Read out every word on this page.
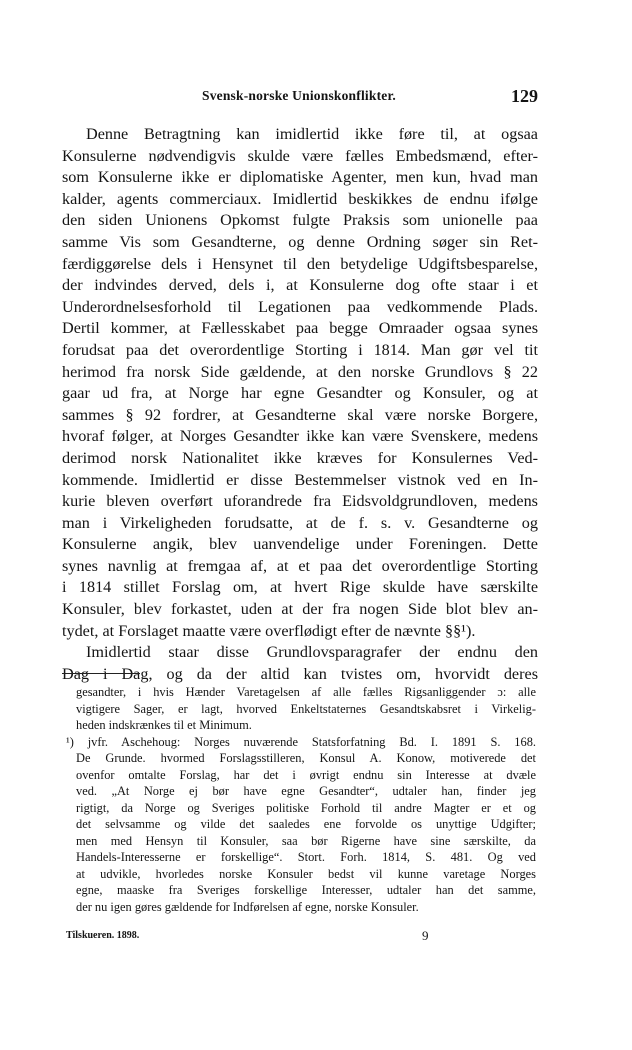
Svensk-norske Unionskonflikter.	129
Denne Betragtning kan imidlertid ikke føre til, at ogsaa
Konsulerne nødvendigvis skulde være fælles Embedsmænd, efter-
som Konsulerne ikke er diplomatiske Agenter, men kun, hvad man
kalder, agents commerciaux. Imidlertid beskikkes de endnu ifølge
den siden Unionens Opkomst fulgte Praksis som unionelle paa
samme Vis som Gesandterne, og denne Ordning søger sin Ret-
færdiggørelse dels i Hensynet til den betydelige Udgiftsbesparelse,
der indvindes derved, dels i, at Konsulerne dog ofte staar i et
Underordnelsesforhold til Legationen paa vedkommende Plads.
Dertil kommer, at Fællesskabet paa begge Omraader ogsaa synes
forudsat paa det overordentlige Storting i 1814. Man gør vel tit
herimod fra norsk Side gældende, at den norske Grundlovs § 22
gaar ud fra, at Norge har egne Gesandter og Konsuler, og at
sammes § 92 fordrer, at Gesandterne skal være norske Borgere,
hvoraf følger, at Norges Gesandter ikke kan være Svenskere, medens
derimod norsk Nationalitet ikke kræves for Konsulernes Ved-
kommende. Imidlertid er disse Bestemmelser vistnok ved en In-
kurie bleven overført uforandrede fra Eidsvoldgrundloven, medens
man i Virkeligheden forudsatte, at de f. s. v. Gesandterne og
Konsulerne angik, blev uanvendelige under Foreningen. Dette
synes navnlig at fremgaa af, at et paa det overordentlige Storting
i 1814 stillet Forslag om, at hvert Rige skulde have særskilte
Konsuler, blev forkastet, uden at der fra nogen Side blot blev an-
tydet, at Forslaget maatte være overflødigt efter de nævnte §§¹).
Imidlertid staar disse Grundlovsparagrafer der endnu den
Dag i Dag, og da der altid kan tvistes om, hvorvidt deres
gesandter, i hvis Hænder Varetagelsen af alle fælles Rigsanliggender ɔ: alle
vigtigere Sager, er lagt, hvorved Enkeltstaternes Gesandtskabsret i Virkelig-
heden indskrænkes til et Minimum.
¹) jvfr. Aschehoug: Norges nuværende Statsforfatning Bd. I. 1891 S. 168.
De Grunde. hvormed Forslagsstilleren, Konsul A. Konow, motiverede det
ovenfor omtalte Forslag, har det i øvrigt endnu sin Interesse at dvæle
ved. „At Norge ej bør have egne Gesandter“, udtaler han, finder jeg
rigtigt, da Norge og Sveriges politiske Forhold til andre Magter er et og
det selvsamme og vilde det saaledes ene forvolde os unyttige Udgifter;
men med Hensyn til Konsuler, saa bør Rigerne have sine særskilte, da
Handels-Interesserne er forskellige“. Stort. Forh. 1814, S. 481. Og ved
at udvikle, hvorledes norske Konsuler bedst vil kunne varetage Norges
egne, maaske fra Sveriges forskellige Interesser, udtaler han det samme,
der nu igen gøres gældende for Indførelsen af egne, norske Konsuler.
Tilskueren. 1898.	9
